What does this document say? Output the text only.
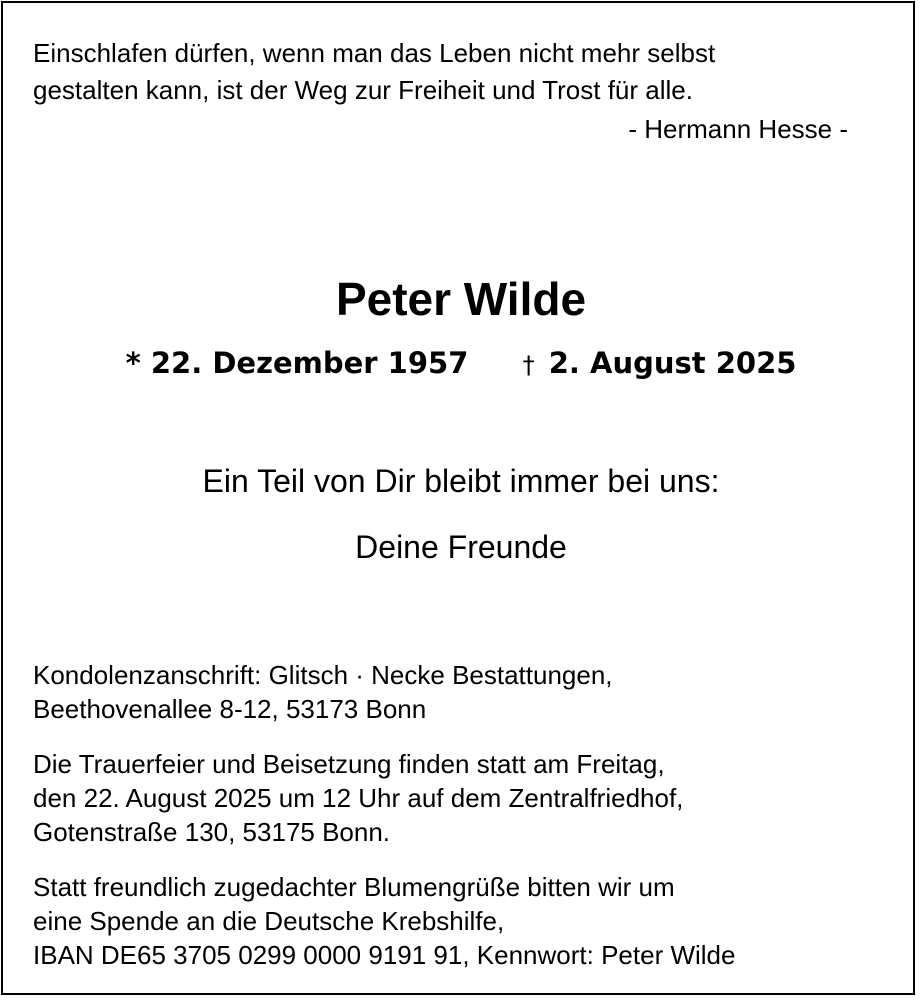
Einschlafen dürfen, wenn man das Leben nicht mehr selbst
gestalten kann, ist der Weg zur Freiheit und Trost für alle.
- Hermann Hesse -
Peter Wilde
* 22. Dezember 1957 † 2. August 2025
Ein Teil von Dir bleibt immer bei uns:
Deine Freunde
Kondolenzanschrift: Glitsch · Necke Bestattungen,
Beethovenallee 8-12, 53173 Bonn
Die Trauerfeier und Beisetzung finden statt am Freitag,
den 22. August 2025 um 12 Uhr auf dem Zentralfriedhof,
Gotenstraße 130, 53175 Bonn.
Statt freundlich zugedachter Blumengrüße bitten wir um
eine Spende an die Deutsche Krebshilfe,
IBAN DE65 3705 0299 0000 9191 91, Kennwort: Peter Wilde
